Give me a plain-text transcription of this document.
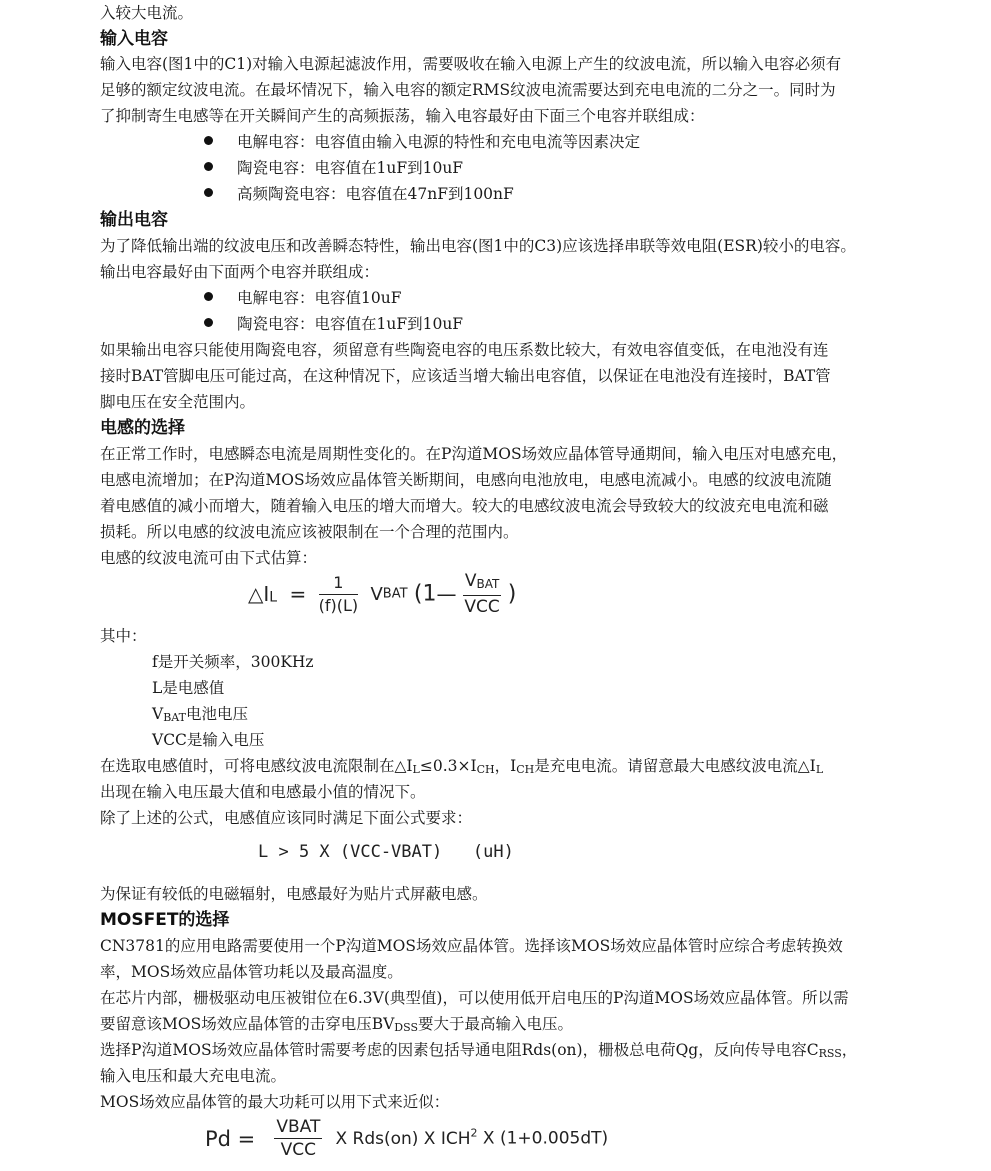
入较大电流。
输入电容
输入电容(图1中的C1)对输入电源起滤波作用，需要吸收在输入电源上产生的纹波电流，所以输入电容必须有
足够的额定纹波电流。在最坏情况下，输入电容的额定RMS纹波电流需要达到充电电流的二分之一。同时为
了抑制寄生电感等在开关瞬间产生的高频振荡，输入电容最好由下面三个电容并联组成：
电解电容：电容值由输入电源的特性和充电电流等因素决定
陶瓷电容：电容值在1uF到10uF
高频陶瓷电容：电容值在47nF到100nF
输出电容
为了降低输出端的纹波电压和改善瞬态特性，输出电容(图1中的C3)应该选择串联等效电阻(ESR)较小的电容。
输出电容最好由下面两个电容并联组成：
电解电容：电容值10uF
陶瓷电容：电容值在1uF到10uF
如果输出电容只能使用陶瓷电容，须留意有些陶瓷电容的电压系数比较大，有效电容值变低，在电池没有连
接时BAT管脚电压可能过高，在这种情况下，应该适当增大输出电容值，以保证在电池没有连接时，BAT管
脚电压在安全范围内。
电感的选择
在正常工作时，电感瞬态电流是周期性变化的。在P沟道MOS场效应晶体管导通期间，输入电压对电感充电，
电感电流增加；在P沟道MOS场效应晶体管关断期间，电感向电池放电，电感电流减小。电感的纹波电流随
着电感值的减小而增大，随着输入电压的增大而增大。较大的电感纹波电流会导致较大的纹波充电电流和磁
损耗。所以电感的纹波电流应该被限制在一个合理的范围内。
电感的纹波电流可由下式估算：
△IL = $\frac{1}{(f)(L)}$ VBAT (1— $\frac{\text{VBAT}}{\text{VCC}}$ )
其中：
f是开关频率，300KHz
L是电感值
VBAT电池电压
VCC是输入电压
在选取电感值时，可将电感纹波电流限制在△IL≤0.3×ICH，ICH是充电电流。请留意最大电感纹波电流△IL
出现在输入电压最大值和电感最小值的情况下。
除了上述的公式，电感值应该同时满足下面公式要求：
L > 5 X (VCC-VBAT)   (uH)
为保证有较低的电磁辐射，电感最好为贴片式屏蔽电感。
MOSFET的选择
CN3781的应用电路需要使用一个P沟道MOS场效应晶体管。选择该MOS场效应晶体管时应综合考虑转换效
率，MOS场效应晶体管功耗以及最高温度。
在芯片内部，栅极驱动电压被钳位在6.3V(典型值)，可以使用低开启电压的P沟道MOS场效应晶体管。所以需
要留意该MOS场效应晶体管的击穿电压BVDSS要大于最高输入电压。
选择P沟道MOS场效应晶体管时需要考虑的因素包括导通电阻Rds(on)，栅极总电荷Qg，反向传导电容CRSS，
输入电压和最大充电电流。
MOS场效应晶体管的最大功耗可以用下式来近似：
$Pd = \frac{\text{VBAT}}{\text{VCC}}$ X Rds(on) X ICH$^2$ X (1+0.005dT)
